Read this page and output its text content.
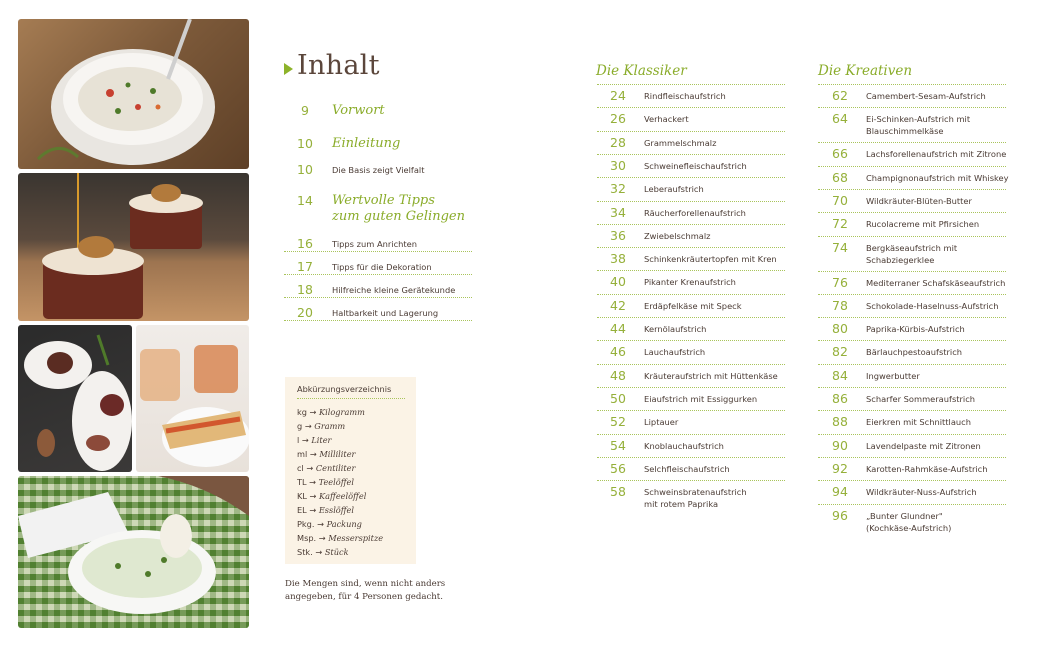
Inhalt
9	Vorwort
10	Einleitung
10	Die Basis zeigt Vielfalt
14	Wertvolle Tipps
zum guten Gelingen
16	Tipps zum Anrichten
17	Tipps für die Dekoration
18	Hilfreiche kleine Gerätekunde
20	Haltbarkeit und Lagerung
Abkürzungsverzeichnis
kg → Kilogramm
g → Gramm
l → Liter
ml → Milliliter
cl → Centiliter
TL → Teelöffel
KL → Kaffeelöffel
EL → Esslöffel
Pkg. → Packung
Msp. → Messerspitze
Stk. → Stück
Die Mengen sind, wenn nicht anders angegeben, für 4 Personen gedacht.
Die Klassiker
24	Rindfleischaufstrich
26	Verhackert
28	Grammelschmalz
30	Schweinefleischaufstrich
32	Leberaufstrich
34	Räucherforellenaufstrich
36	Zwiebelschmalz
38	Schinkenkräutertopfen mit Kren
40	Pikanter Krenaufstrich
42	Erdäpfelkäse mit Speck
44	Kernölaufstrich
46	Lauchaufstrich
48	Kräuteraufstrich mit Hüttenkäse
50	Eiaufstrich mit Essiggurken
52	Liptauer
54	Knoblauchaufstrich
56	Selchfleischaufstrich
58	Schweinsbratenaufstrich
mit rotem Paprika
Die Kreativen
62	Camembert-Sesam-Aufstrich
64	Ei-Schinken-Aufstrich mit
Blauschimmelkäse
66	Lachsforellenaufstrich mit Zitrone
68	Champignonaufstrich mit Whiskey
70	Wildkräuter-Blüten-Butter
72	Rucolacreme mit Pfirsichen
74	Bergkäseaufstrich mit
Schabziegerklee
76	Mediterraner Schafskäseaufstrich
78	Schokolade-Haselnuss-Aufstrich
80	Paprika-Kürbis-Aufstrich
82	Bärlauchpestoaufstrich
84	Ingwerbutter
86	Scharfer Sommeraufstrich
88	Eierkren mit Schnittlauch
90	Lavendelpaste mit Zitronen
92	Karotten-Rahmkäse-Aufstrich
94	Wildkräuter-Nuss-Aufstrich
96	„Bunter Glundner"
(Kochkäse-Aufstrich)
